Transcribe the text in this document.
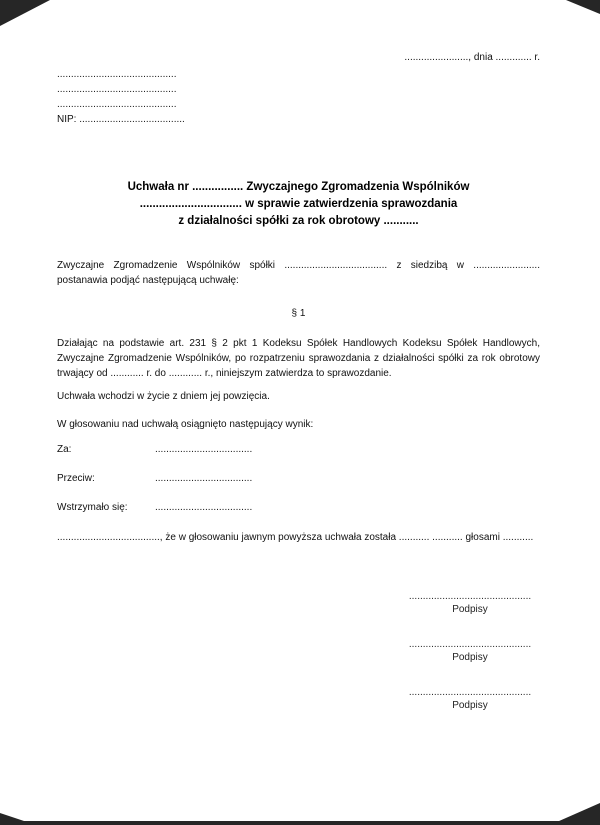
......................., dnia ............. r.
...........................................
...........................................
...........................................
NIP: ......................................
Uchwała nr ................ Zwyczajnego Zgromadzenia Wspólników
................................ w sprawie zatwierdzenia sprawozdania
z działalności spółki za rok obrotowy ...........

Zwyczajne Zgromadzenie Wspólników spółki ..................................... z siedzibą w ........................ postanawia podjąć następującą uchwałę:

§ 1

Działając na podstawie art. 231 § 2 pkt 1 Kodeksu Spółek Handlowych Kodeksu Spółek Handlowych, Zwyczajne Zgromadzenie Wspólników, po rozpatrzeniu sprawozdania z działalności spółki za rok obrotowy trwający od ............ r. do ............ r., niniejszym zatwierdza to sprawozdanie.

Uchwała wchodzi w życie z dniem jej powzięcia.

W głosowaniu nad uchwałą osiągnięto następujący wynik:

Za:	...................................
Przeciw:	...................................
Wstrzymało się:	...................................

....................................., że w głosowaniu jawnym powyższa uchwała została ........... ........... głosami ...........

............................................
Podpisy
............................................
Podpisy
............................................
Podpisy
